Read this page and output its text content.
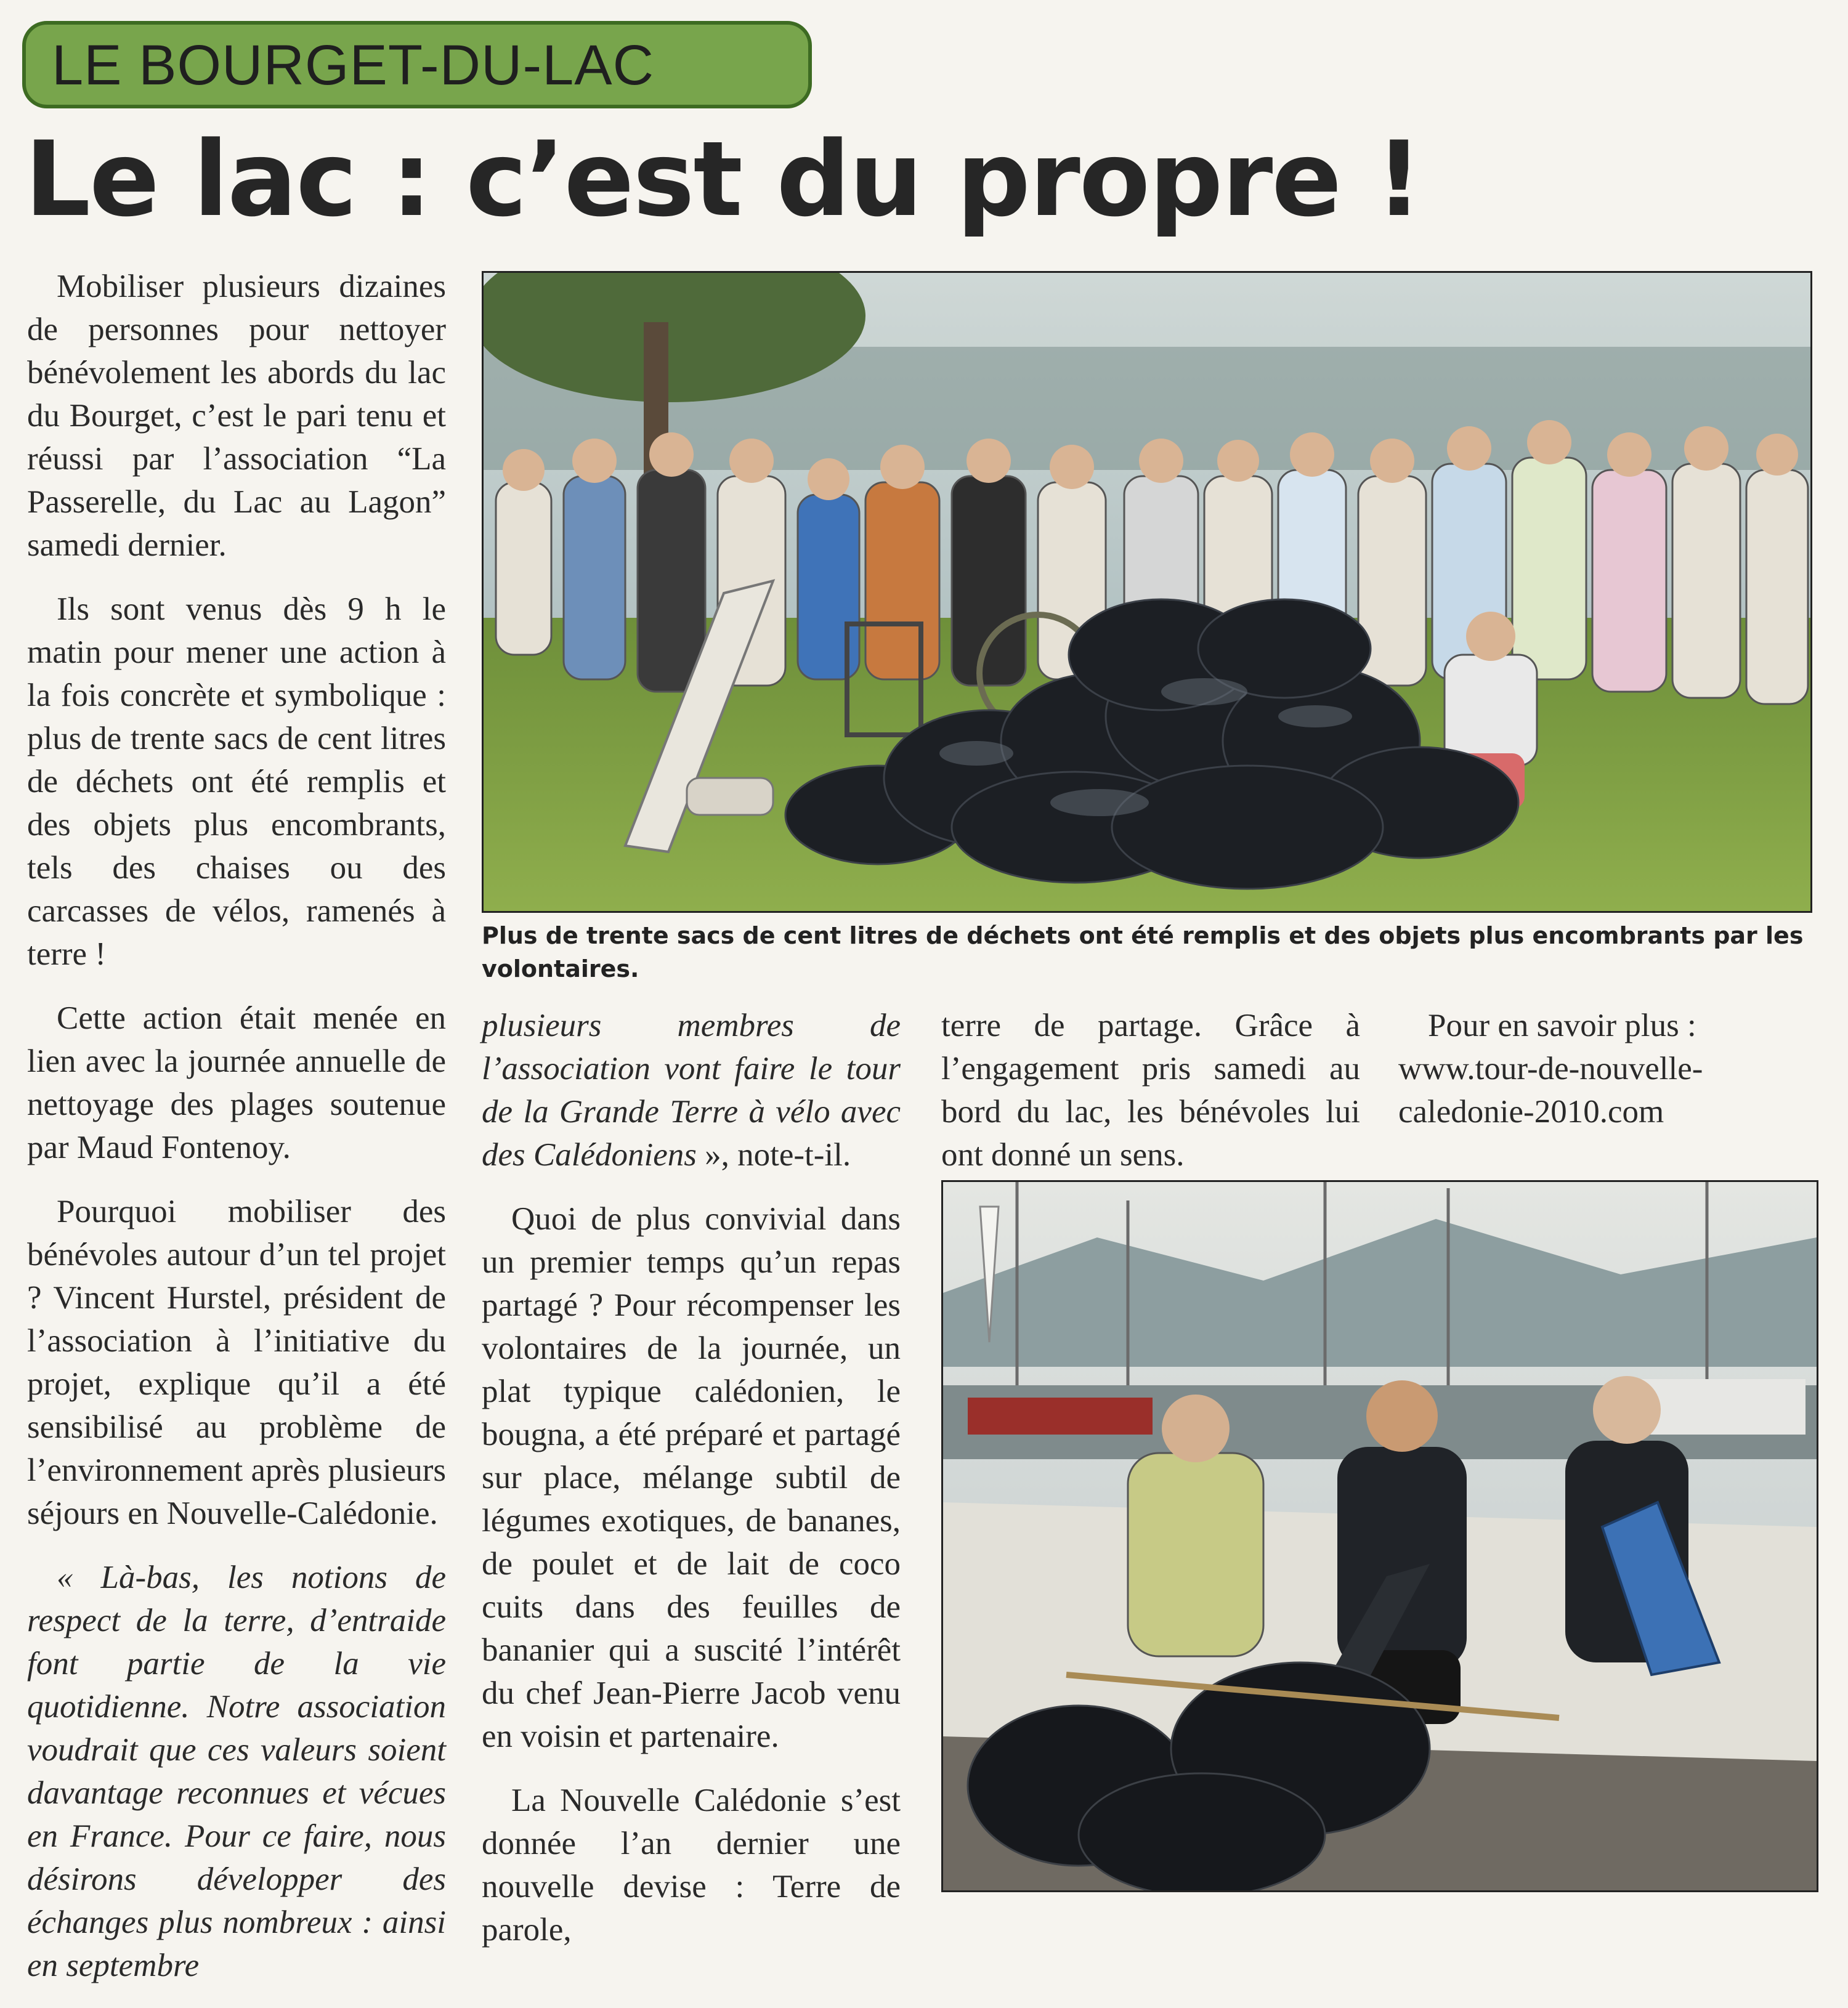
LE BOURGET-DU-LAC
Le lac : c’est du propre !

Mobiliser plusieurs dizaines de personnes pour nettoyer bénévolement les abords du lac du Bourget, c’est le pari tenu et réussi par l’association “La Passerelle, du Lac au Lagon” samedi dernier.

Ils sont venus dès 9 h le matin pour mener une action à la fois concrète et symbolique : plus de trente sacs de cent litres de déchets ont été remplis et des objets plus encombrants, tels des chaises ou des carcasses de vélos, ramenés à terre !

Cette action était menée en lien avec la journée annuelle de nettoyage des plages soutenue par Maud Fontenoy.

Pourquoi mobiliser des bénévoles autour d’un tel projet ? Vincent Hurstel, président de l’association à l’initiative du projet, explique qu’il a été sensibilisé au problème de l’environnement après plusieurs séjours en Nouvelle-Calédonie.

« Là-bas, les notions de respect de la terre, d’entraide font partie de la vie quotidienne. Notre association voudrait que ces valeurs soient davantage reconnues et vécues en France. Pour ce faire, nous désirons développer des échanges plus nombreux : ainsi en septembre

Plus de trente sacs de cent litres de déchets ont été remplis et des objets plus encombrants par les volontaires.

plusieurs membres de l’association vont faire le tour de la Grande Terre à vélo avec des Calédoniens », note-t-il.

Quoi de plus convivial dans un premier temps qu’un repas partagé ? Pour récompenser les volontaires de la journée, un plat typique calédonien, le bougna, a été préparé et partagé sur place, mélange subtil de légumes exotiques, de bananes, de poulet et de lait de coco cuits dans des feuilles de bananier qui a suscité l’intérêt du chef Jean-Pierre Jacob venu en voisin et partenaire.

La Nouvelle Calédonie s’est donnée l’an dernier une nouvelle devise : Terre de parole,

terre de partage. Grâce à l’engagement pris samedi au bord du lac, les bénévoles lui ont donné un sens.

Pour en savoir plus : www.tour-de-nouvelle-caledonie-2010.com
